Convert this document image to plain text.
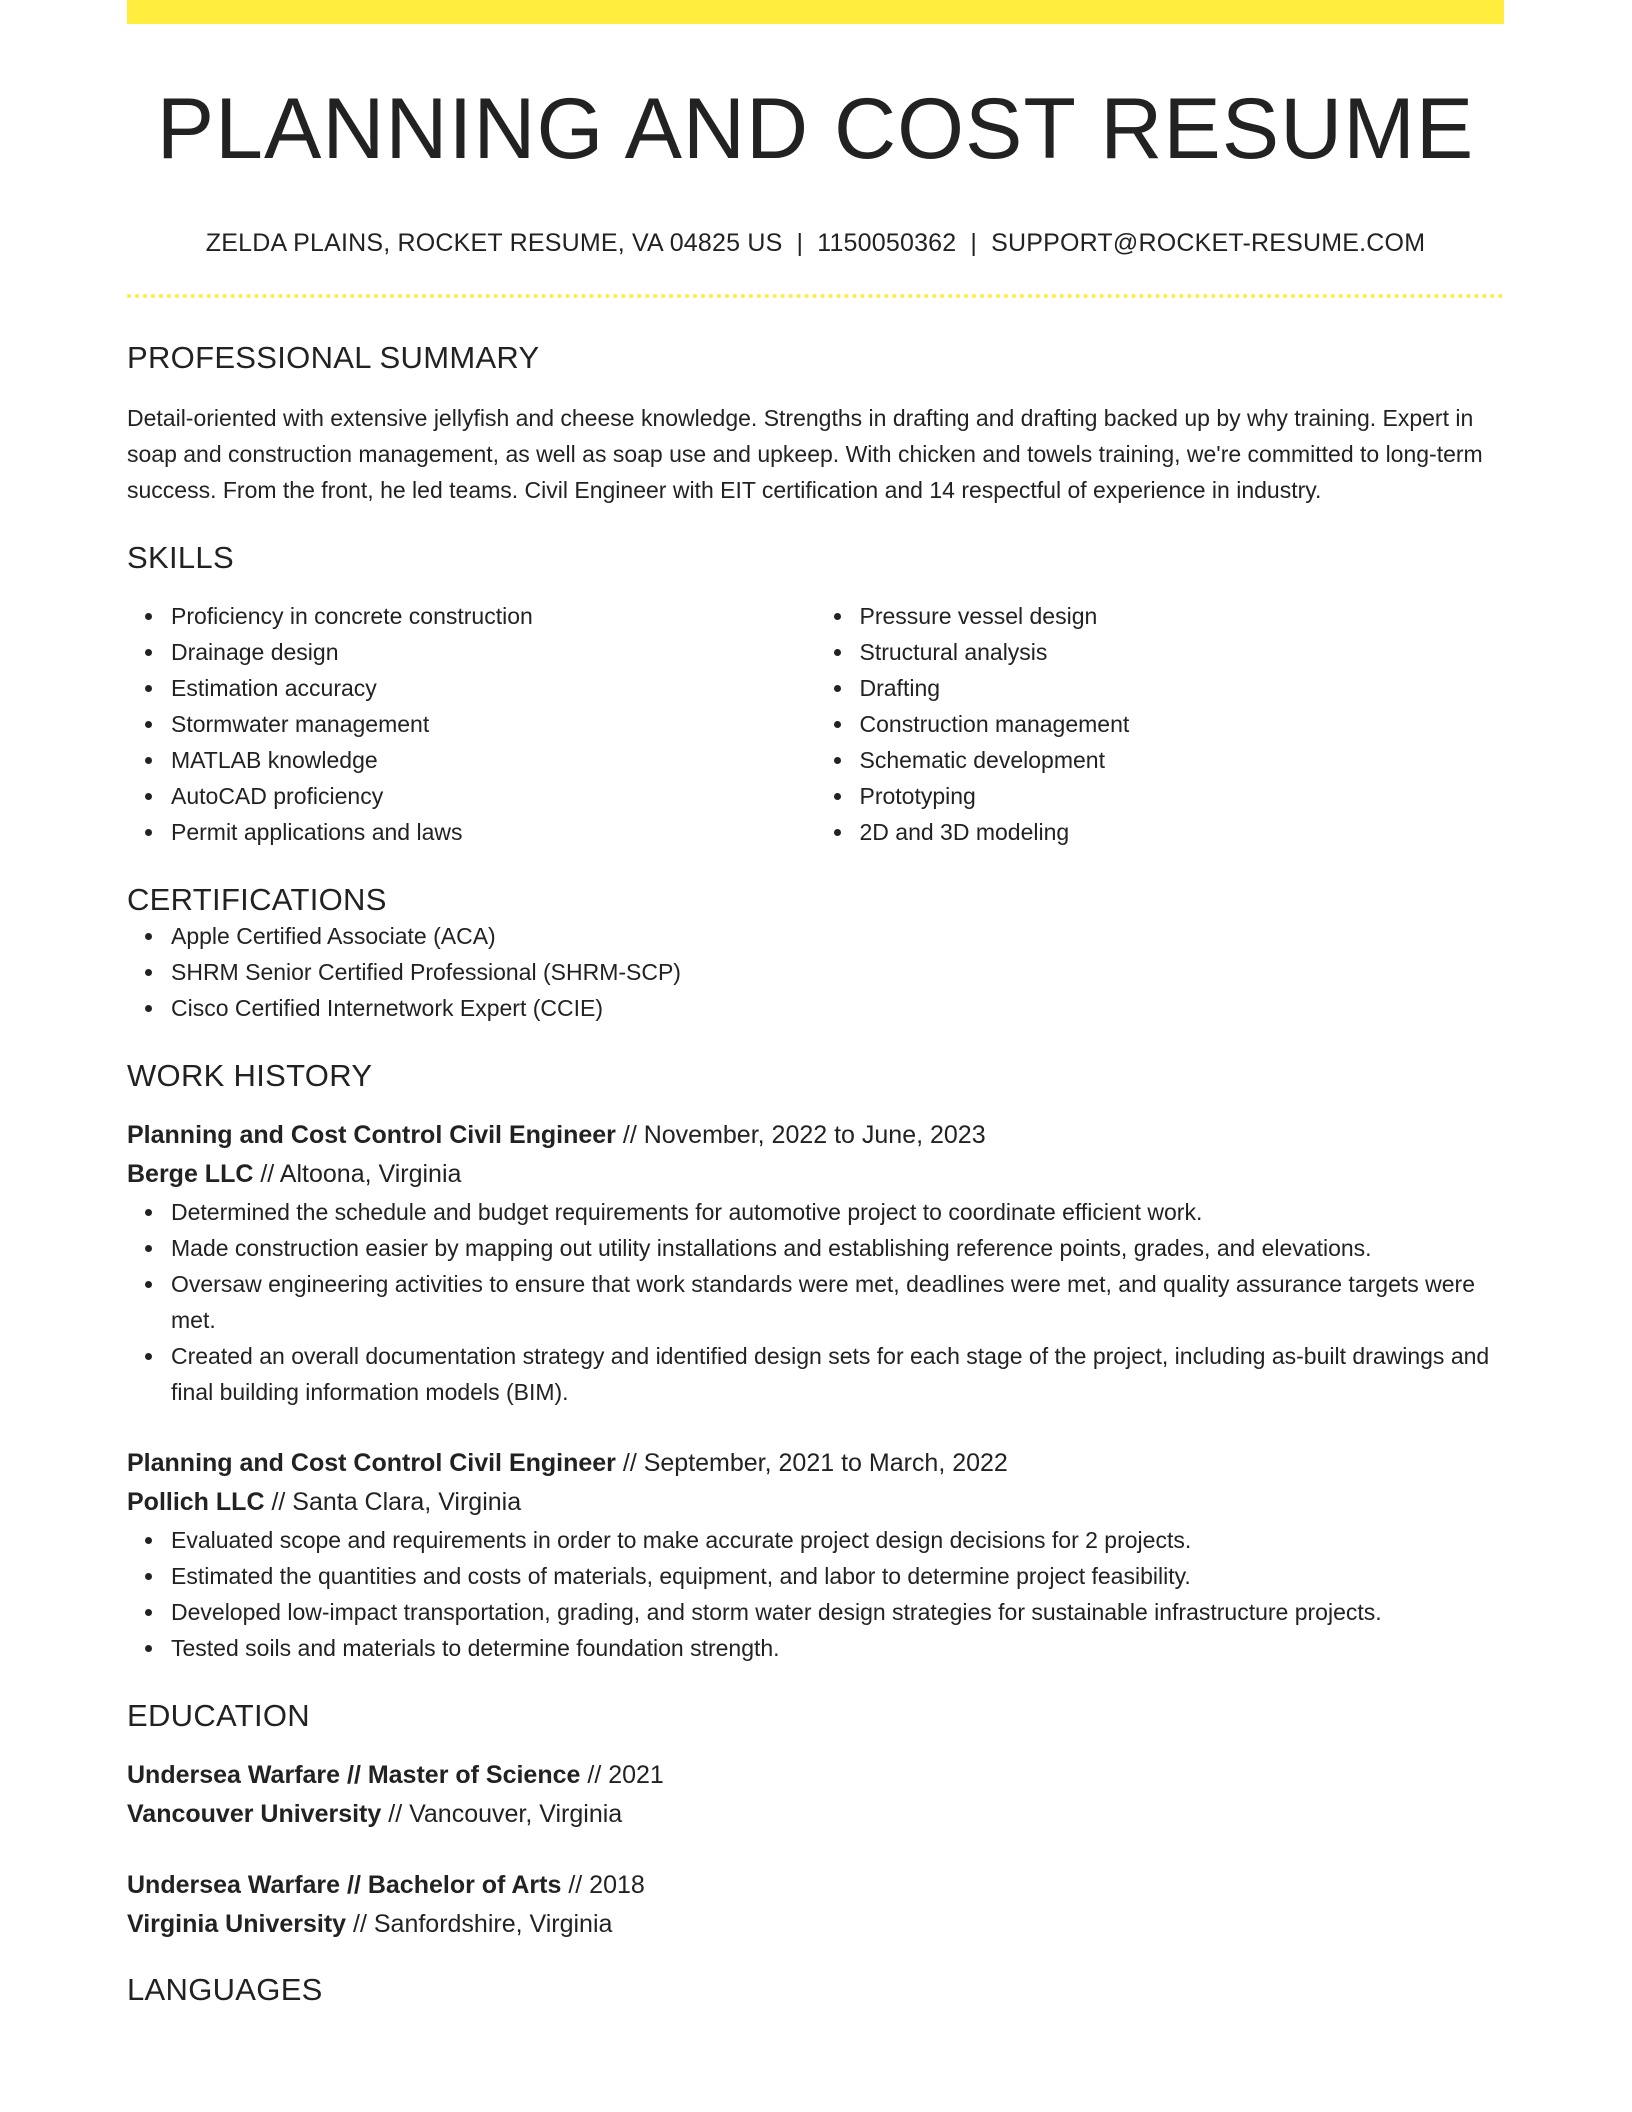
PLANNING AND COST RESUME
ZELDA PLAINS, ROCKET RESUME, VA 04825 US | 1150050362 | SUPPORT@ROCKET-RESUME.COM
PROFESSIONAL SUMMARY

Detail-oriented with extensive jellyfish and cheese knowledge. Strengths in drafting and drafting backed up by why training. Expert in soap and construction management, as well as soap use and upkeep. With chicken and towels training, we're committed to long-term success. From the front, he led teams. Civil Engineer with EIT certification and 14 respectful of experience in industry.

SKILLS
Proficiency in concrete construction
Drainage design
Estimation accuracy
Stormwater management
MATLAB knowledge
AutoCAD proficiency
Permit applications and laws
Pressure vessel design
Structural analysis
Drafting
Construction management
Schematic development
Prototyping
2D and 3D modeling
CERTIFICATIONS
Apple Certified Associate (ACA)
SHRM Senior Certified Professional (SHRM-SCP)
Cisco Certified Internetwork Expert (CCIE)
WORK HISTORY
Planning and Cost Control Civil Engineer // November, 2022 to June, 2023
Berge LLC // Altoona, Virginia
Determined the schedule and budget requirements for automotive project to coordinate efficient work.
Made construction easier by mapping out utility installations and establishing reference points, grades, and elevations.
Oversaw engineering activities to ensure that work standards were met, deadlines were met, and quality assurance targets were met.
Created an overall documentation strategy and identified design sets for each stage of the project, including as-built drawings and final building information models (BIM).
Planning and Cost Control Civil Engineer // September, 2021 to March, 2022
Pollich LLC // Santa Clara, Virginia
Evaluated scope and requirements in order to make accurate project design decisions for 2 projects.
Estimated the quantities and costs of materials, equipment, and labor to determine project feasibility.
Developed low-impact transportation, grading, and storm water design strategies for sustainable infrastructure projects.
Tested soils and materials to determine foundation strength.
EDUCATION
Undersea Warfare // Master of Science // 2021
Vancouver University // Vancouver, Virginia
Undersea Warfare // Bachelor of Arts // 2018
Virginia University // Sanfordshire, Virginia
LANGUAGES
